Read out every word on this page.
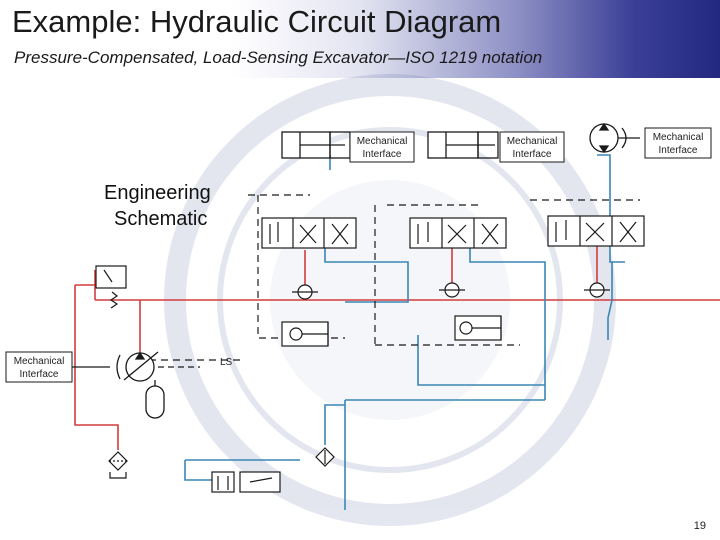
Example: Hydraulic Circuit Diagram
Pressure-Compensated, Load-Sensing Excavator—ISO 1219 notation
Mechanical
Interface
Mechanical
Interface
Mechanical
Interface
Mechanical
Interface
Engineering
Schematic
LS
19
